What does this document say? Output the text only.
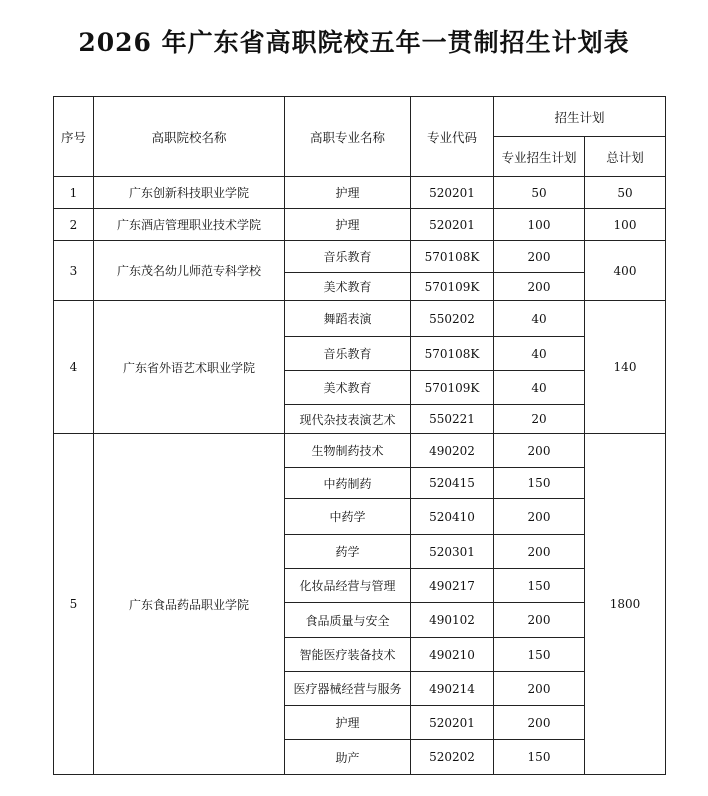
2026 年广东省高职院校五年一贯制招生计划表
序号	高职院校名称	高职专业名称	专业代码	招生计划	
				专业招生计划	总计划
1	广东创新科技职业学院	护理	520201	50	50
2	广东酒店管理职业技术学院	护理	520201	100	100
3	广东茂名幼儿师范专科学校	音乐教育	570108K	200	400
		美术教育	570109K	200	
4	广东省外语艺术职业学院	舞蹈表演	550202	40	140
		音乐教育	570108K	40	
		美术教育	570109K	40	
		现代杂技表演艺术	550221	20	
5	广东食品药品职业学院	生物制药技术	490202	200	1800
		中药制药	520415	150	
		中药学	520410	200	
		药学	520301	200	
		化妆品经营与管理	490217	150	
		食品质量与安全	490102	200	
		智能医疗装备技术	490210	150	
		医疗器械经营与服务	490214	200	
		护理	520201	200	
		助产	520202	150	
